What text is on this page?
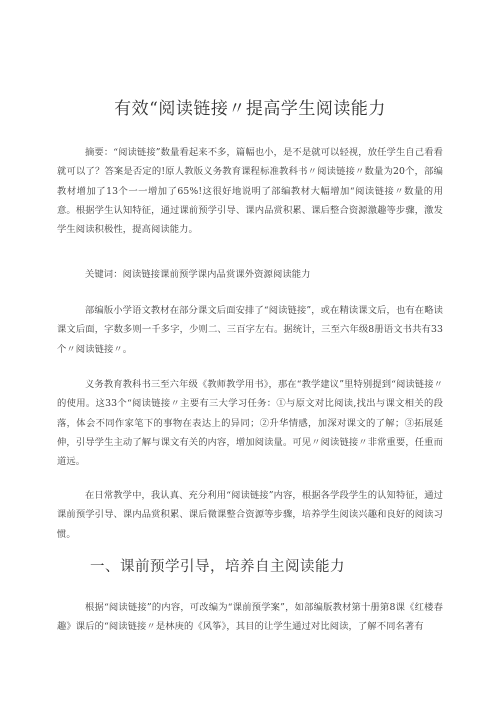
有效“阅读链接〃提高学生阅读能力
摘要：“阅读链接”数量看起来不多，篇幅也小，是不是就可以轻视，放任学生自己看看就可以了？答案是否定的!原人教版义务教育课程标准教科书〃阅读链接〃数量为20个，部编教材增加了13个一一增加了65%!这很好地说明了部编教材大幅增加“阅读链接〃数量的用意。根据学生认知特征，通过课前预学引导、课内品赏积累、课后整合资源激趣等步骤，激发学生阅读积极性，提高阅读能力。
关键词：阅读链接课前预学课内品赏课外资源阅读能力
部编版小学语文教材在部分课文后面安排了“阅读链接”，或在精读课文后，也有在略读课文后面，字数多则一千多字，少则二、三百字左右。据统计，三至六年级8册语文书共有33个〃阅读链接〃。
义务教育教科书三至六年级《教师教学用书》，那在“教学建议”里特别提到“阅读链接〃的使用。这33个“阅读链接〃主要有三大学习任务：①与原文对比阅读,找出与课文相关的段落，体会不同作家笔下的事物在表达上的异同；②升华情感，加深对课文的了解；③拓展延伸，引导学生主动了解与课文有关的内容，增加阅读量。可见〃阅读链接〃非常重要，任重而道远。
在日常教学中，我认真、充分利用“阅读链接”内容，根据各学段学生的认知特征，通过课前预学引导、课内品赏积累、课后微课整合资源等步骤，培养学生阅读兴趣和良好的阅读习惯。
一、课前预学引导，培养自主阅读能力
根据“阅读链接”的内容，可改编为“课前预学案”，如部编版教材第十册第8课《红楼春趣》课后的“阅读链接〃是林庚的《风筝》，其目的让学生通过对比阅读，了解不同名著有
